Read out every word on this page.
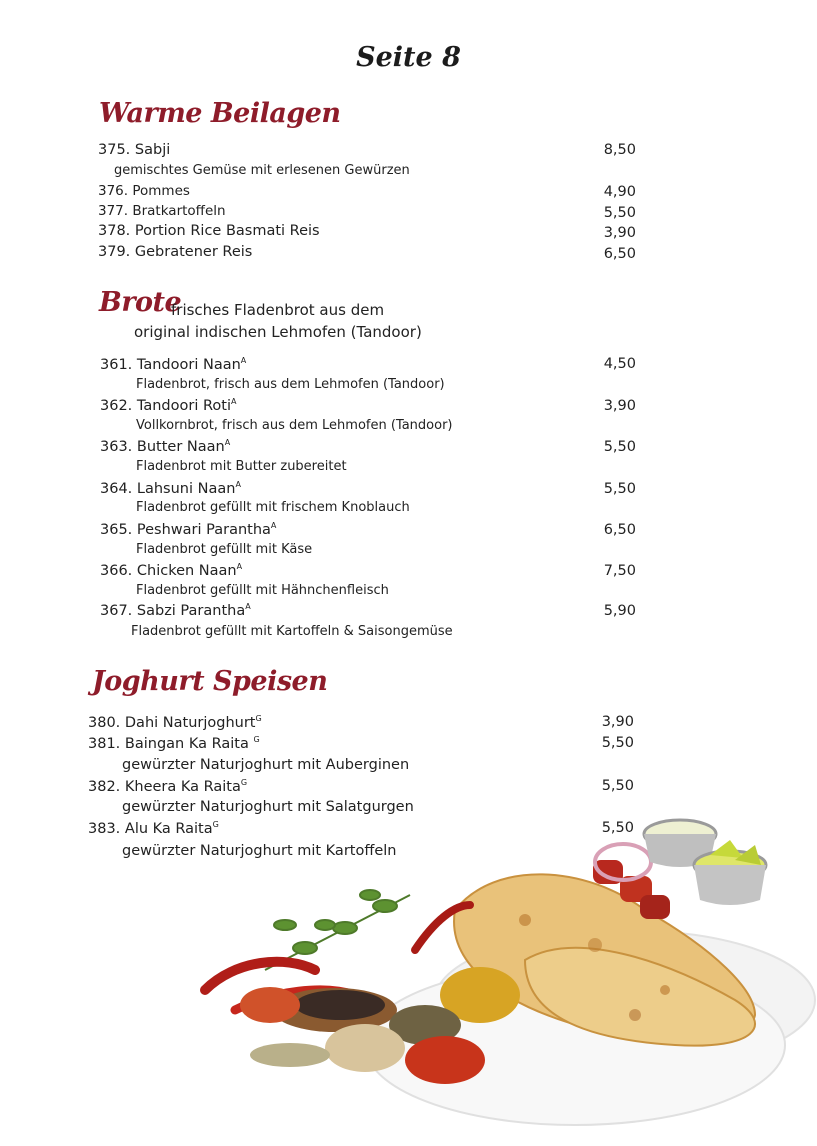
Seite 8
Warme Beilagen
375. Sabji	8,50
gemischtes Gemüse mit erlesenen Gewürzen
376. Pommes	4,90
377. Bratkartoffeln	5,50
378. Portion Rice Basmati Reis	3,90
379. Gebratener Reis	6,50
Brote
frisches Fladenbrot aus dem
original indischen Lehmofen (Tandoor)
361. Tandoori Naan$^A$	4,50
Fladenbrot, frisch aus dem Lehmofen (Tandoor)
362. Tandoori Roti$^A$	3,90
Vollkornbrot, frisch aus dem Lehmofen (Tandoor)
363. Butter Naan$^A$	5,50
Fladenbrot mit Butter zubereitet
364. Lahsuni Naan$^A$	5,50
Fladenbrot gefüllt mit frischem Knoblauch
365. Peshwari Parantha$^A$	6,50
Fladenbrot gefüllt mit Käse
366. Chicken Naan$^A$	7,50
Fladenbrot gefüllt mit Hähnchenfleisch
367. Sabzi Parantha$^A$	5,90
Fladenbrot gefüllt mit Kartoffeln & Saisongemüse
Joghurt Speisen
380. Dahi Naturjoghurt$^G$	3,90
381. Baingan Ka Raita $^G$	5,50
gewürzter Naturjoghurt mit Auberginen
382. Kheera Ka Raita$^G$	5,50
gewürzter Naturjoghurt mit Salatgurgen
383. Alu Ka Raita$^G$	5,50
gewürzter Naturjoghurt mit Kartoffeln
